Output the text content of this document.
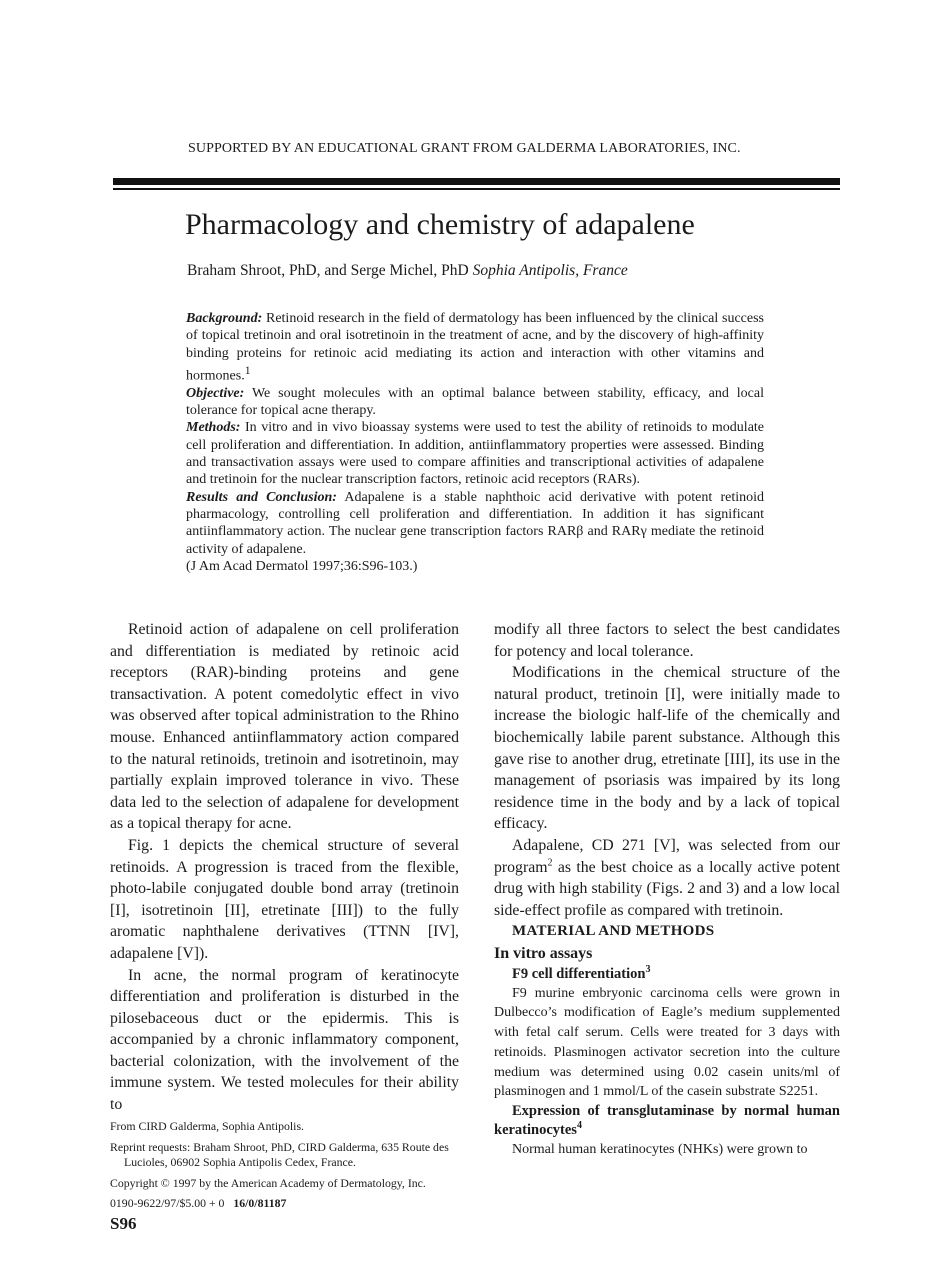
SUPPORTED BY AN EDUCATIONAL GRANT FROM GALDERMA LABORATORIES, INC.
Pharmacology and chemistry of adapalene
Braham Shroot, PhD, and Serge Michel, PhD Sophia Antipolis, France

Background: Retinoid research in the field of dermatology has been influenced by the clinical success of topical tretinoin and oral isotretinoin in the treatment of acne, and by the discovery of high-affinity binding proteins for retinoic acid mediating its action and interaction with other vitamins and hormones.$^1$

Objective: We sought molecules with an optimal balance between stability, efficacy, and local tolerance for topical acne therapy.

Methods: In vitro and in vivo bioassay systems were used to test the ability of retinoids to modulate cell proliferation and differentiation. In addition, antiinflammatory properties were assessed. Binding and transactivation assays were used to compare affinities and transcriptional activities of adapalene and tretinoin for the nuclear transcription factors, retinoic acid receptors (RARs).

Results and Conclusion: Adapalene is a stable naphthoic acid derivative with potent retinoid pharmacology, controlling cell proliferation and differentiation. In addition it has significant antiinflammatory action. The nuclear gene transcription factors RARβ and RARγ mediate the retinoid activity of adapalene.

(J Am Acad Dermatol 1997;36:S96-103.)

Retinoid action of adapalene on cell proliferation and differentiation is mediated by retinoic acid receptors (RAR)-binding proteins and gene transactivation. A potent comedolytic effect in vivo was observed after topical administration to the Rhino mouse. Enhanced antiinflammatory action compared to the natural retinoids, tretinoin and isotretinoin, may partially explain improved tolerance in vivo. These data led to the selection of adapalene for development as a topical therapy for acne.

Fig. 1 depicts the chemical structure of several retinoids. A progression is traced from the flexible, photo-labile conjugated double bond array (tretinoin [I], isotretinoin [II], etretinate [III]) to the fully aromatic naphthalene derivatives (TTNN [IV], adapalene [V]).

In acne, the normal program of keratinocyte differentiation and proliferation is disturbed in the pilosebaceous duct or the epidermis. This is accompanied by a chronic inflammatory component, bacterial colonization, with the involvement of the immune system. We tested molecules for their ability to

modify all three factors to select the best candidates for potency and local tolerance.

Modifications in the chemical structure of the natural product, tretinoin [I], were initially made to increase the biologic half-life of the chemically and biochemically labile parent substance. Although this gave rise to another drug, etretinate [III], its use in the management of psoriasis was impaired by its long residence time in the body and by a lack of topical efficacy.

Adapalene, CD 271 [V], was selected from our program$^2$ as the best choice as a locally active potent drug with high stability (Figs. 2 and 3) and a low local side-effect profile as compared with tretinoin.

MATERIAL AND METHODS

In vitro assays

F9 cell differentiation$^3$

F9 murine embryonic carcinoma cells were grown in Dulbecco’s modification of Eagle’s medium supplemented with fetal calf serum. Cells were treated for 3 days with retinoids. Plasminogen activator secretion into the culture medium was determined using 0.02 casein units/ml of plasminogen and 1 mmol/L of the casein substrate S2251.

Expression of transglutaminase by normal human keratinocytes$^4$

Normal human keratinocytes (NHKs) were grown to

From CIRD Galderma, Sophia Antipolis.

Reprint requests: Braham Shroot, PhD, CIRD Galderma, 635 Route des Lucioles, 06902 Sophia Antipolis Cedex, France.

Copyright © 1997 by the American Academy of Dermatology, Inc.

0190-9622/97/$5.00 + 0 16/0/81187

S96
